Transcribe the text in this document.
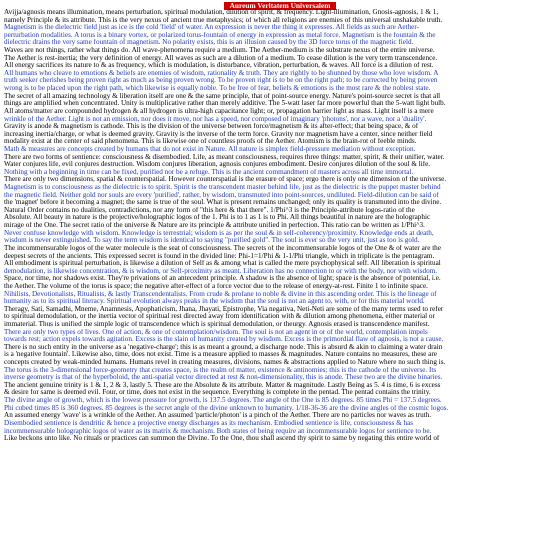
Aureum Veritatem Universalem
Avijja/agnosis means illumination, means perturbation, spiritual modulation, dilution of spirit, & frequency. Light-illumination, Gnosis-agnosis, 1 & 1,
namely Principle & its attribute. This is the very nexus of ancient true metaphysics; of which all religions are enemies of this universal unshakable truth.
Magnetism is the dielectric field just as ice is the cold 'field' of water. An expression is never the thing it expresses. All fields as such are Aether-
perturbation modalities. A torus is a binary vortex, or polarized torus-fountain of energy in expression as metal force. Magnetism is the fountain & the
dielectric drains the very same fountain of magnetism. No polarity exists, this is an illusion caused by the 3D force torus of the magnetic field.
Waves are not things, rather what things do. All wave-phenomena require a medium. The Aether-medium is the substrate nexus of the entire universe.
The Aether is rest-inertia; the very definition of energy. All waves as such are a dilution of a medium. To cease dilution is the very term transcendence.
All energy sacrifices its nature to & as frequency, which is modulation, is disturbance, vibration, perturbation, & waves. All force is a dilution of rest.
All humans who cleave to emotions & beliefs are enemies of wisdom, rationality & truth. They are rightly to be shunned by those who love wisdom. A
truth seeker cherishes being proven right as much as being proven wrong. To be proven right is to be on the right path; to be corrected by being proven
wrong is to be placed upon the right path, which likewise is equally noble. To be free of fear, beliefs & emotions is the most rare & the noblest state.
The secret of all amazing technology & liberation itself are one & the same principle, that of point-source energy. Nature's point-source secret is that all
things are amplified when concentrated. Unity is multiplicative rather than merely additive. The 5-watt laser far more powerful than the 5-watt light bulb.
All atoms/matter are compounded hydrogen & all hydrogen is ultra-high capacitance light; or, propagation barrier light as mass. Light itself is a mere
wrinkle of the Aether. Light is not an emission, nor does it move, nor has a speed, nor composed of imaginary 'photons', nor a wave, nor a 'duality'.
Gravity is anode & magnetism is cathode. This is the division of the universe between force/magnetism & its after-effect; that being space, & of
increasing inertia/charge, or what is deemed gravity. Gravity is the inverse of the term force. Gravity nor magnetism have a center, since neither field
modality exist at the center of said phenomena. This is likewise one of countless proofs of the Aether. Atomism is the brain-rot of feeble minds.
Math & measures are concepts created by humans that do not exist in Nature. All nature is simplex field-pressure mediation without exception.
There are two forms of sentience: consciousness & disembodied. Life, as meant consciousness, requires three things: matter, spirit, & their unifier, water.
Water conjures life, evil conjures destruction. Wisdom conjures liberation, agnosis conjures embodiment. Desire conjures dilution of the soul & life.
Nothing with a beginning in time can be fixed, purified nor be a refuge. This is the ancient commandment of masters across all time immortal.
There are only two dimensions, spatial & counterspatial. However counterspatial is the erasure of space; ergo there is only one dimension of the universe.
Magnetism is to consciousness as the dielectric is to spirit. Spirit is the transcendent master behind life, just as the dielectric is the puppet master behind
the magnetic field. Neither gold nor souls are every 'purified', rather, by wisdom, transmuted into point-sources, undiluted. Field-dilution can be said of
the 'magnet' before it becoming a magnet; the same is true of the soul. What is present remains unchanged; only its quality is transmuted into the divine.
Natural Order contains no dualities, contradictions, nor any form of "this here & that there". 1/Phi^3 is the Principle-attribute logos-ratio of the
Absolute. All beauty in nature is the projective/holographic logos of the 1. Phi is to 1 as 1 is to Phi. All things beautiful in nature are the holographic
mirage of the One. The secret ratio of the universe & Nature are its principle & attribute unified in perfection. This ratio can be written as 1/Phi^3.
Never confuse knowledge with wisdom. Knowledge is terrestrial; wisdom is as per the soul & in self-coherency/proximity. Knowledge ends at death,
wisdom is never extinguished. To say the term wisdom is identical to saying "purified gold". The soul is ever so the very unit, just as too is gold.
The incommensurable logos of the water molecule is the seat of consciousness. The secrets of the incommensurable logos of the One & of water are the
deepest secrets of the ancients. This expressed secret is found in the divided line: Phi-1=1/Phi & 1-1/Phi triangle, which in triplicate is the pentagram.
All embodiment is spiritual perturbation, is likewise a dilution of Self as & among what is called the mere psychophysical self. All liberation is spiritual
demodulation, is likewise concentration, & is wisdom, or Self-proximity as meant. Liberation has no connection to or with the body, nor with wisdom.
Space, nor time, nor shadows exist. They're privations of an antecedent principle. A shadow is the absence of light; space is the absence of potential, i.e.
the Aether. The volume of the torus is space; the negative after-effect of a force vector due to the release of energy-at-rest. Finite 1 to infinite space.
Nihilists, Devotionalists, Ritualists, & lastly Transcendentalists. From crude & profane to noble & divine in this ascending order. This is the lineage of
humanity as to its spiritual literacy. Spiritual evolution always peaks in the wisdom that the soul is not an agent to, with, or for this material world.
Theragy, Sati, Samadhi, Mneme, Anamnesis, Apophaticism, Jhana, Jhayati, Epistrophe, Via negativa, Neti-Neti are some of the many terms used to refer
to spiritual demodulation, or the inertia vector of spiritual rest directed away from identification with & dilution among phenomena, either material or
immaterial. Thus is unified the simple logic of transcendence which is spiritual demodulation, or theurgy. Agnosis erased is transcendence manifest.
There are only two types of lives. One of action, & one of contemplation/wisdom. The soul is not an agent in or of the world, contemplation impels
towards rest; action expels towards agitation. Excess is the slain of humanity created by wisdom. Excess is the primordial flaw of agnosis, is not a cause.
There is no such entity in the universe as a 'negative-charge'; this is as meant a ground, a discharge node. This is absurd & akin to claiming a water drain
is a 'negative fountain'. Likewise also, time, does not exist. Time is a measure applied to masses & magnitudes. Nature contains no measures, these are
concepts created by weak-minded humans. Humans revel in creating measures, divisions, names & abstractions applied to Nature where no such thing is.
The torus is the 3-dimensional force-geometry that creates space, is the realm of matter, existence & antinomies; this is the cathode of the universe. Its
inverse geometry is that of the hyperboloid, the anti-spatial vector directed at rest & non-dimensionality, this is anode. These two are the divine binaries.
The ancient genuine trinity is 1 & 1, 2 & 3, lastly 5. These are the Absolute & its attribute. Matter & magnitude. Lastly Being as 5. 4 is time, 6 is excess
& desire for same is deemed evil. Four, or time, does not exist in the sequence. Everything is complete in the pentad. The pentad contains the trinity.
The divine angle of growth, which is the lowest pressure for growth, is 137.5 degrees. The angle of the One is 85 degrees. 85 times Phi = 137.5 degrees.
Phi cubed times 85 is 360 degrees. 85 degrees is the secret angle of the divine unknown to humanity. 1/18-36-36 are the divine angles of the cosmic logos.
An assumed energy 'wave' is a wrinkle of the Aether. An assumed 'particle/photon' is a pinch of the Aether. There are no particles nor waves as truth.
Disembodied sentience is dendritic & hence a projective energy discharges as its mechanism. Embodied sentience is life, consciousness & has
incommensurable holographic logos of water as its matrix & mechanism. Both states of being require an incommensurable logos for sentience to be.
Like beckons unto like. No rituals or practices can summon the Divine. To the One, thou shall ascend thy spirit to same by negating this entire world of
